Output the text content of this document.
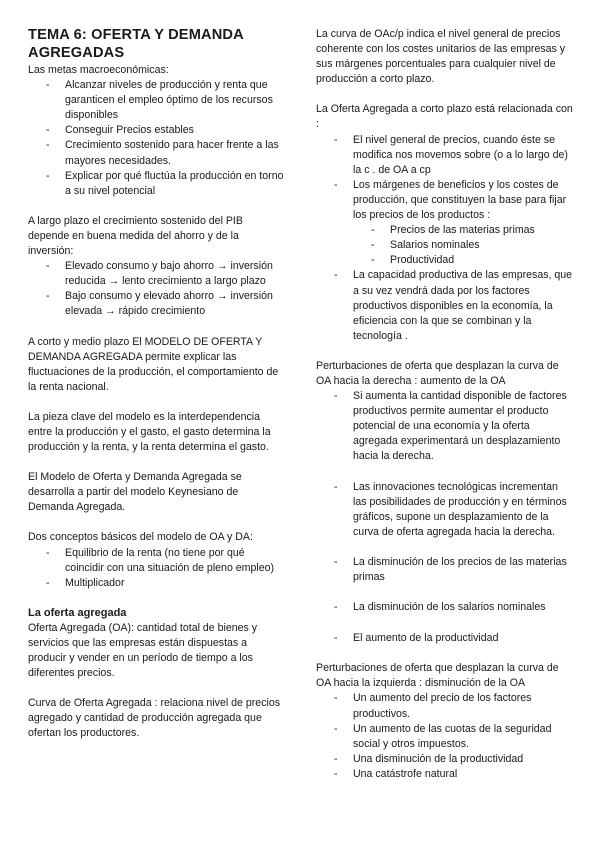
TEMA 6: OFERTA Y DEMANDA AGREGADAS

Las metas macroeconómicas:

- Alcanzar niveles de producción y renta que garanticen el empleo óptimo de los recursos disponibles
- Conseguir Precios estables
- Crecimiento sostenido para hacer frente a las mayores necesidades.
- Explicar por qué fluctúa la producción en torno a su nivel potencial

A largo plazo el crecimiento sostenido del PIB depende en buena medida del ahorro y de la inversión:

- Elevado consumo y bajo ahorro → inversión reducida → lento crecimiento a largo plazo
- Bajo consumo y elevado ahorro → inversión elevada → rápido crecimiento

A corto y medio plazo El MODELO DE OFERTA Y DEMANDA AGREGADA permite explicar las fluctuaciones de la producción, el comportamiento de la renta nacional.

La pieza clave del modelo es la interdependencia entre la producción y el gasto, el gasto determina la producción y la renta, y la renta determina el gasto.

El Modelo de Oferta y Demanda Agregada se desarrolla a partir del modelo Keynesiano de Demanda Agregada.

Dos conceptos básicos del modelo de OA y DA:

- Equilibrio de la renta (no tiene por qué coincidir con una situación de pleno empleo)
- Multiplicador
La oferta agregada

Oferta Agregada (OA): cantidad total de bienes y servicios que las empresas están dispuestas a producir y vender en un período de tiempo a los diferentes precios.

Curva de Oferta Agregada : relaciona nivel de precios agregado y cantidad de producción agregada que ofertan los productores.

La curva de OAc/p indica el nivel general de precios coherente con los costes unitarios de las empresas y sus márgenes porcentuales para cualquier nivel de producción a corto plazo.

La Oferta Agregada a corto plazo está relacionada con :

- El nivel general de precios, cuando éste se modifica nos movemos sobre (o a lo largo de) la c . de OA a cp
- Los márgenes de beneficios y los costes de producción, que constituyen la base para fijar los precios de los productos :
- Precios de las materias primas
- Salarios nominales
- Productividad
- La capacidad productiva de las empresas, que a su vez vendrá dada por los factores productivos disponibles en la economía, la eficiencia con la que se combinan y la tecnología .

Perturbaciones de oferta que desplazan la curva de OA hacia la derecha : aumento de la OA

- Si aumenta la cantidad disponible de factores productivos permite aumentar el producto potencial de una economía y la oferta agregada experimentará un desplazamiento hacia la derecha.
- Las innovaciones tecnológicas incrementan las posibilidades de producción y en términos gráficos, supone un desplazamiento de la curva de oferta agregada hacia la derecha.
- La disminución de los precios de las materias primas
- La disminución de los salarios nominales
- El aumento de la productividad

Perturbaciones de oferta que desplazan la curva de OA hacia la izquierda : disminución de la OA

- Un aumento del precio de los factores productivos.
- Un aumento de las cuotas de la seguridad social y otros impuestos.
- Una disminución de la productividad
- Una catástrofe natural
